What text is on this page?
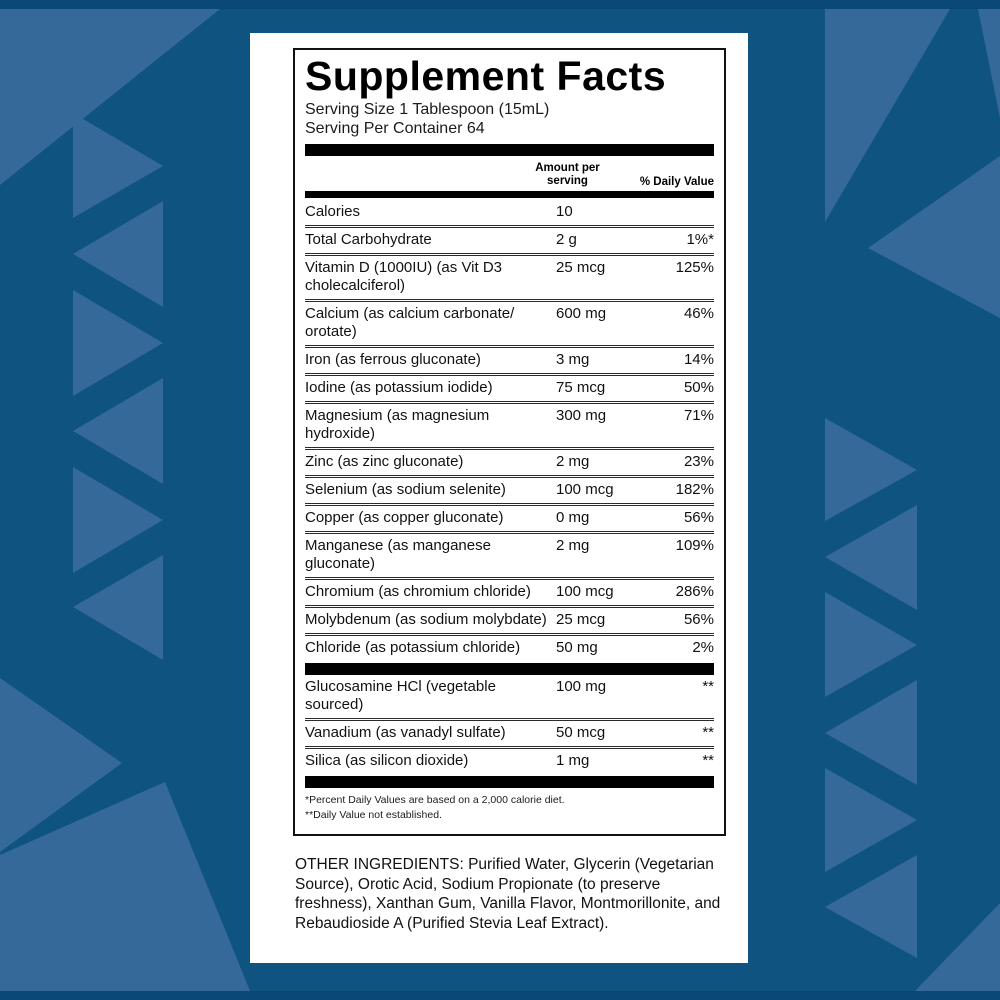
Supplement Facts
Serving Size 1 Tablespoon (15mL)
Serving Per Container 64
Amount per
serving	% Daily Value
Calories	10
Total Carbohydrate	2 g	1%*
Vitamin D (1000IU) (as Vit D3 cholecalciferol)
25 mcg	125%
Calcium (as calcium carbonate/ orotate)
600 mg	46%
Iron (as ferrous gluconate)	3 mg	14%
Iodine (as potassium iodide)	75 mcg	50%
Magnesium (as magnesium hydroxide)
300 mg	71%
Zinc (as zinc gluconate)	2 mg	23%
Selenium (as sodium selenite)	100 mcg	182%
Copper (as copper gluconate)	0 mg	56%
Manganese (as manganese gluconate)
2 mg	109%
Chromium (as chromium chloride)	100 mcg	286%
Molybdenum (as sodium molybdate) 25 mcg	56%
Chloride (as potassium chloride)	50 mg	2%
Glucosamine HCl (vegetable sourced)
100 mg	**
Vanadium (as vanadyl sulfate)	50 mcg	**
Silica (as silicon dioxide)	1 mg	**
*Percent Daily Values are based on a 2,000 calorie diet.
**Daily Value not established.
OTHER INGREDIENTS: Purified Water, Glycerin (Vegetarian Source), Orotic Acid, Sodium Propionate (to preserve freshness), Xanthan Gum, Vanilla Flavor, Montmorillonite, and Rebaudioside A (Purified Stevia Leaf Extract).
